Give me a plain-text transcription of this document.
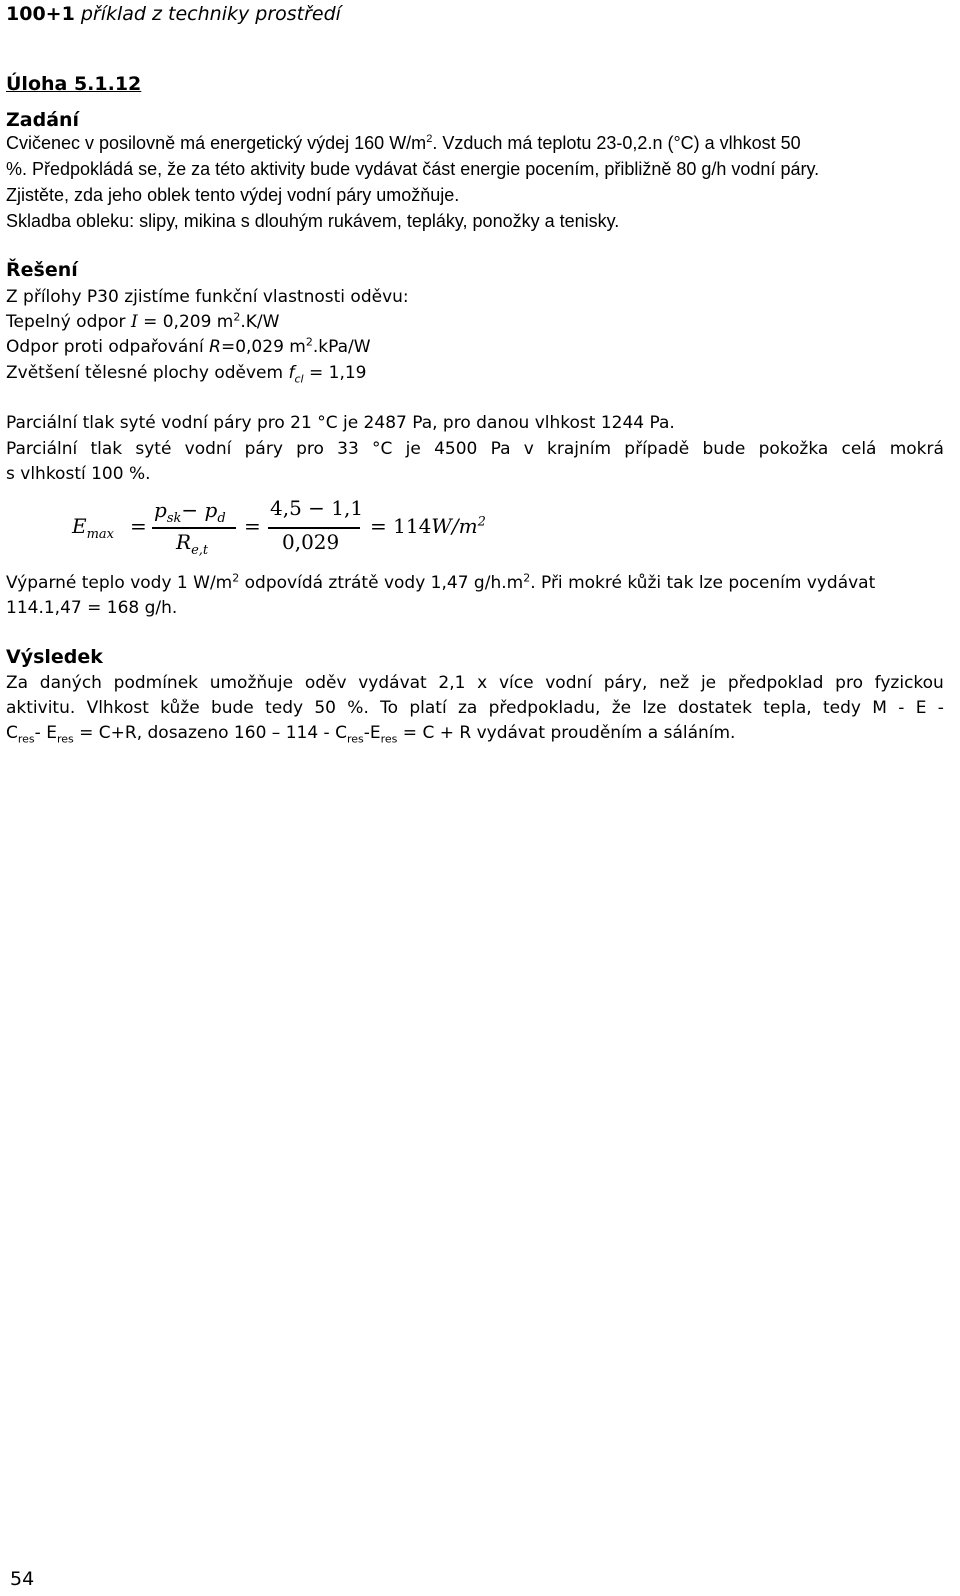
100+1 příklad z techniky prostředí
Úloha 5.1.12
Zadání
Cvičenec v posilovně má energetický výdej 160 $W/m^2$. Vzduch má teplotu 23-0,2.n (°C) a vlhkost 50
%. Předpokládá se, že za této aktivity bude vydávat část energie pocením, přibližně 80 g/h vodní páry.
Zjistěte, zda jeho oblek tento výdej vodní páry umožňuje.
Skladba obleku: slipy, mikina s dlouhým rukávem, tepláky, ponožky a tenisky.
Řešení
Z přílohy P30 zjistíme funkční vlastnosti oděvu:
Tepelný odpor I = 0,209 $m^2.K/W$
Odpor proti odpařování R=0,029 $m^2.kPa/W$
Zvětšení tělesné plochy oděvem $f_{cl} = 1,19$
Parciální tlak syté vodní páry pro 21 °C je 2487 Pa, pro danou vlhkost 1244 Pa.
Parciální tlak syté vodní páry pro 33 °C je 4500 Pa v krajním případě bude pokožka celá mokrá
s vlhkostí 100 %.
$E_{max}$ =
$p_{sk}- p_d$
$R_{e,t}$
=
4,5 − 1,1
0,029
= $114W/m^2$
Výparné teplo vody 1 $W/m^2$ odpovídá ztrátě vody 1,47 $g/h.m^2$. Při mokré kůži tak lze pocením vydávat
114.1,47 = 168 g/h.
Výsledek
Za daných podmínek umožňuje oděv vydávat 2,1 x více vodní páry, než je předpoklad pro fyzickou
aktivitu. Vlhkost kůže bude tedy 50 %. To platí za předpokladu, že lze dostatek tepla, tedy M - E -
$C_{res}-$ $E_{res} = C+R$, dosazeno $160 - 114 - C_{res}-E_{res} = C + R$ vydávat prouděním a sáláním.
54
